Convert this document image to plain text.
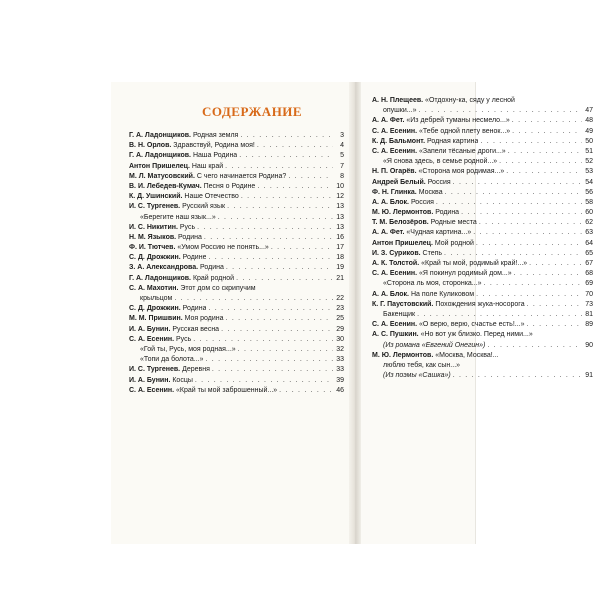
СОДЕРЖАНИЕ
Г. А. Ладонщиков. Родная земля . . .	3
В. Н. Орлов. Здравствуй, Родина моя! . . .	4
Г. А. Ладонщиков. Наша Родина . . .	5
Антон Пришелец. Наш край . . .	7
М. Л. Матусовский. С чего начинается Родина? . . .	8
В. И. Лебедев-Кумач. Песня о Родине . . .	10
К. Д. Ушинский. Наше Отечество . . .	12
И. С. Тургенев. Русский язык . . .	13
«Берегите наш язык...» . . .	13
И. С. Никитин. Русь . . .	13
Н. М. Языков. Родина . . .	16
Ф. И. Тютчев. «Умом Россию не понять...» . . .	17
С. Д. Дрожжин. Родине . . .	18
З. А. Александрова. Родина . . .	19
Г. А. Ладонщиков. Край родной . . .	21
С. А. Махотин. Этот дом со скрипучим
крыльцом . . .	22
С. Д. Дрожжин. Родина . . .	23
М. М. Пришвин. Моя родина . . .	25
И. А. Бунин. Русская весна . . .	29
С. А. Есенин. Русь . . .	30
«Гой ты, Русь, моя родная...» . . .	32
«Топи да болота...» . . .	33
И. С. Тургенев. Деревня . . .	33
И. А. Бунин. Косцы . . .	39
С. А. Есенин. «Край ты мой заброшенный...» . . .	46
А. Н. Плещеев. «Отдохну-ка, сяду у лесной
опушки...» . . .	47
А. А. Фет. «Из дебрей туманы несмело...» . . .	48
С. А. Есенин. «Тебе одной плету венок...» . . .	49
К. Д. Бальмонт. Родная картина . . .	50
С. А. Есенин. «Запели тёсаные дроги...» . . .	51
«Я снова здесь, в семье родной...» . . .	52
Н. П. Огарёв. «Сторона моя родимая...» . . .	53
Андрей Белый. Россия . . .	54
Ф. Н. Глинка. Москва . . .	56
А. А. Блок. Россия . . .	58
М. Ю. Лермонтов. Родина . . .	60
Т. М. Белозёров. Родные места . . .	62
А. А. Фет. «Чудная картина...» . . .	63
Антон Пришелец. Мой родной . . .	64
И. З. Суриков. Степь . . .	65
А. К. Толстой. «Край ты мой, родимый край!...» . . .	67
С. А. Есенин. «Я покинул родимый дом...» . . .	68
«Сторона ль моя, сторонка...» . . .	69
А. А. Блок. На поле Куликовом . . .	70
К. Г. Паустовский. Похождения жука-носорога . . .	73
Бакенщик . . .	81
С. А. Есенин. «О верю, верю, счастье есть!...» . . .	89
А. С. Пушкин. «Но вот уж близко. Перед ними...»
(Из романа «Евгений Онегин») . . .	90
М. Ю. Лермонтов. «Москва, Москва!...
люблю тебя, как сын...»
(Из поэмы «Сашка») . . .	91
